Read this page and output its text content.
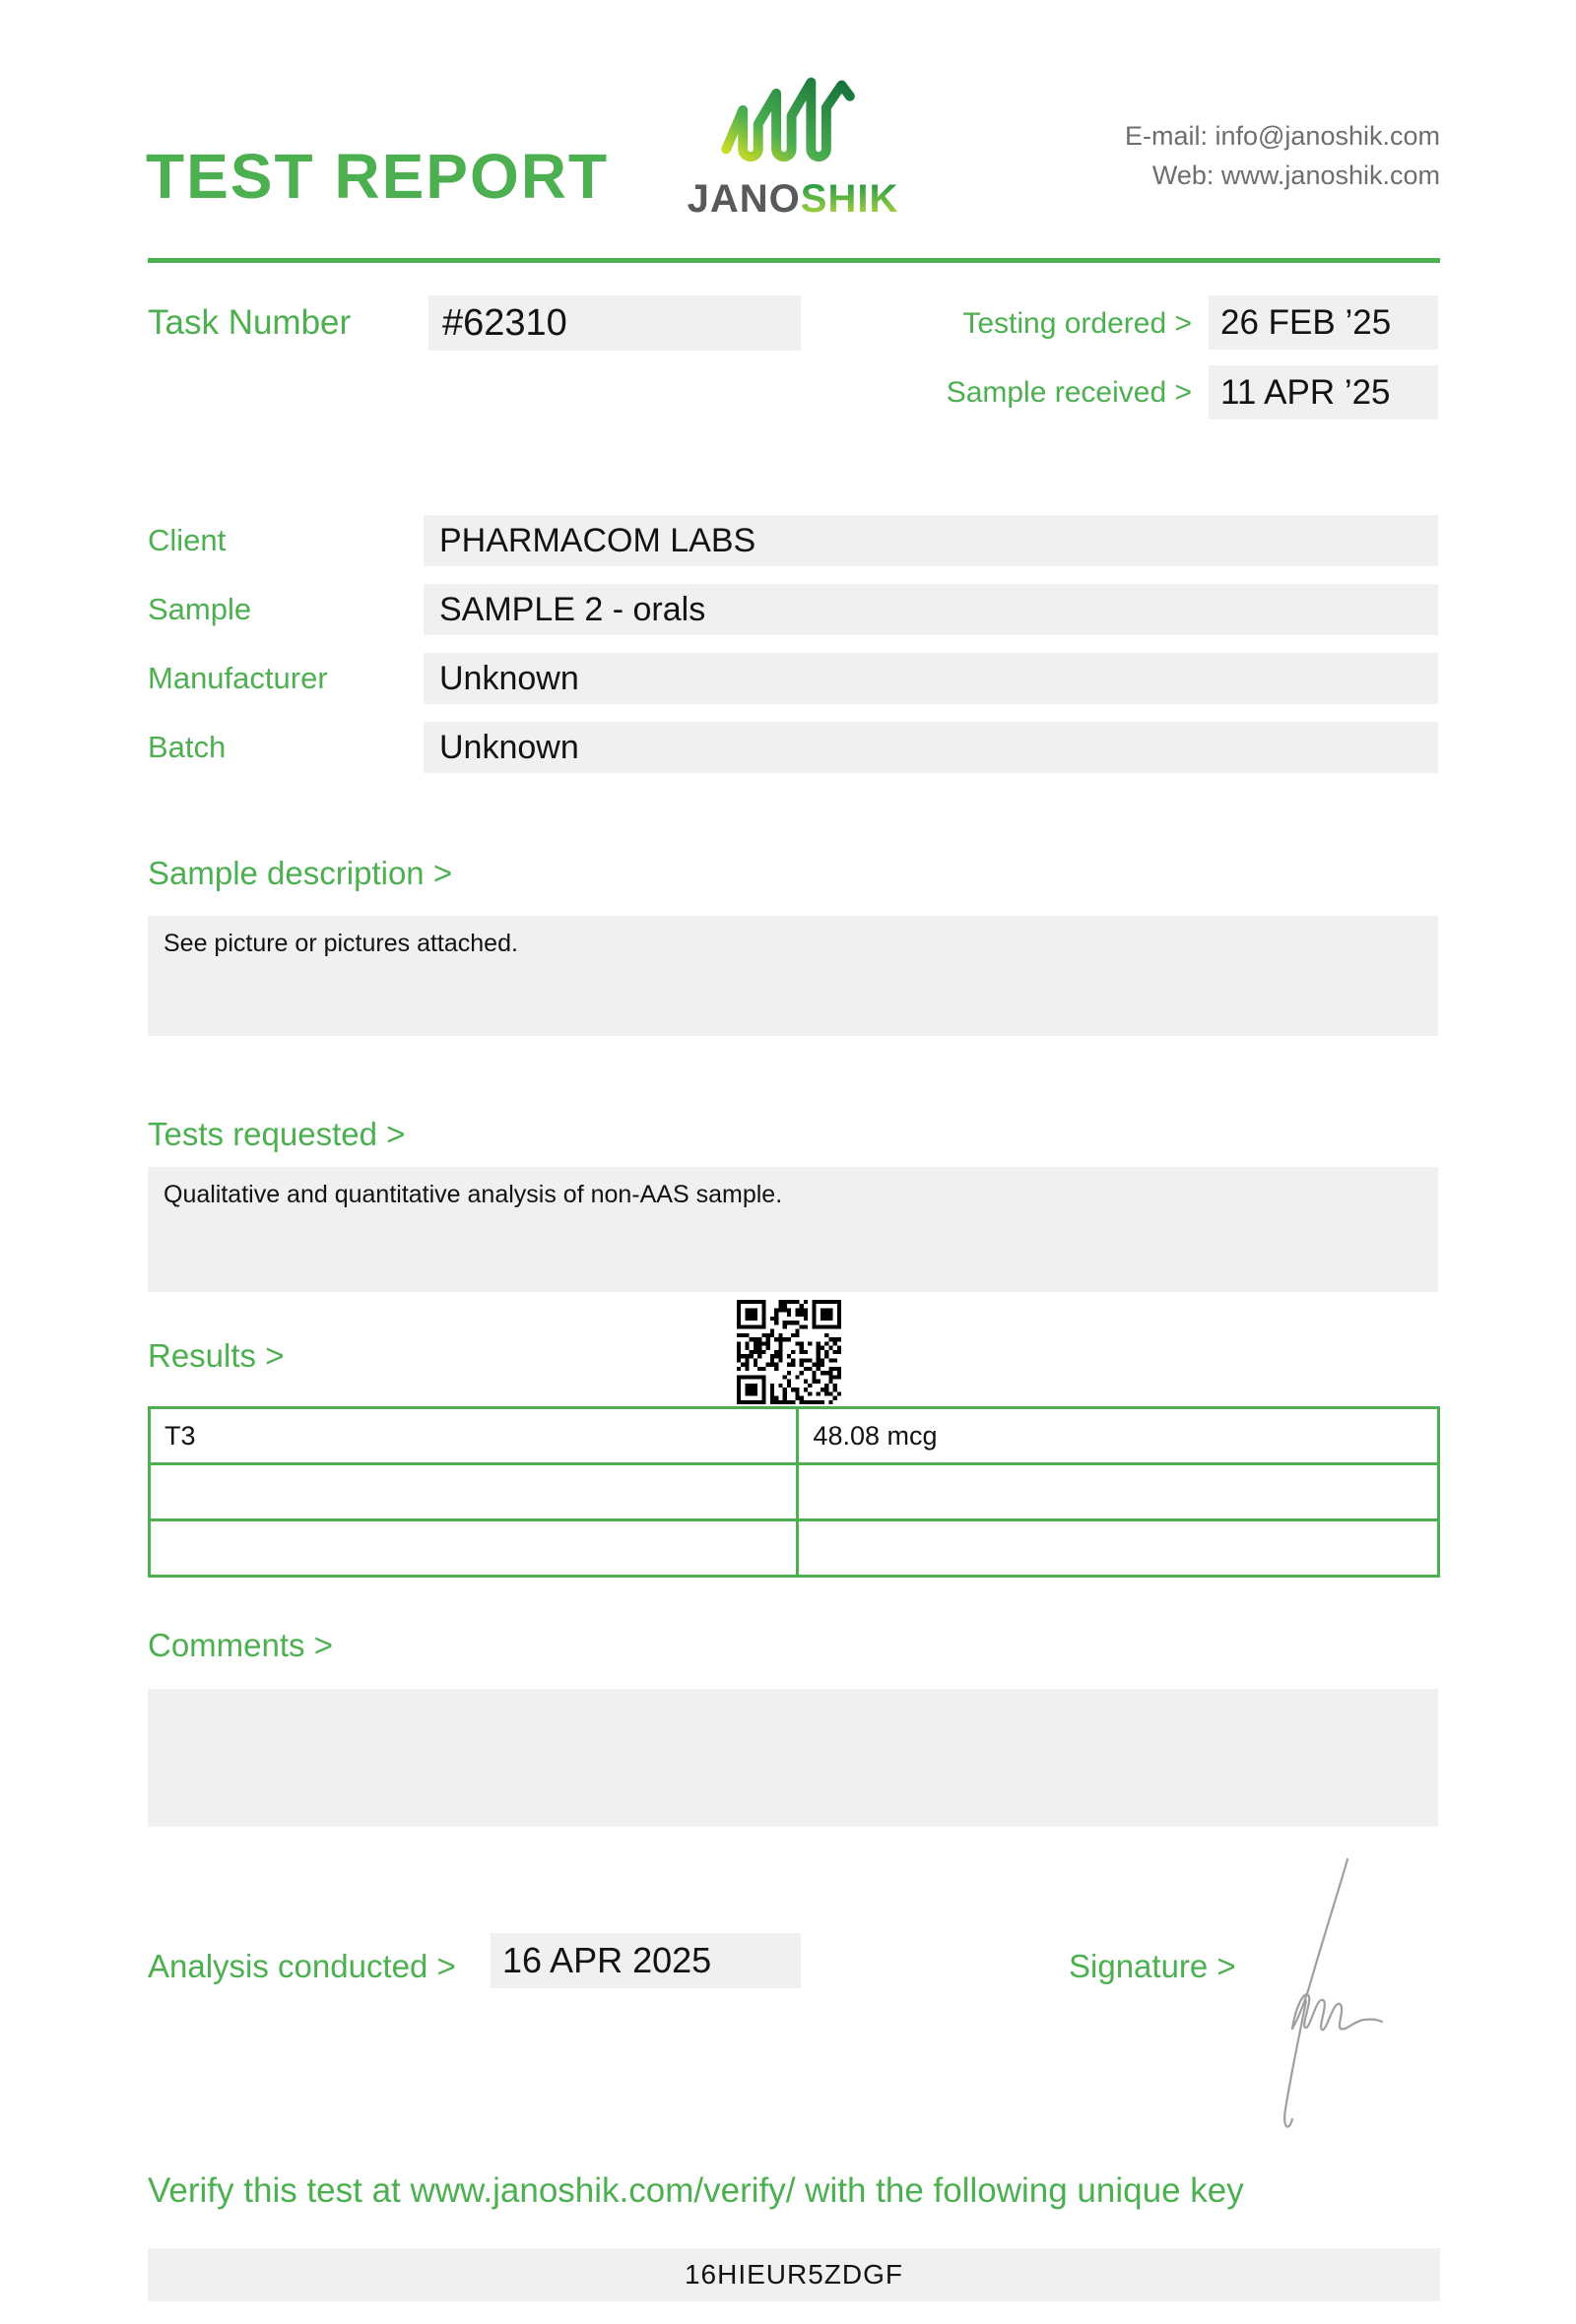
TEST REPORT	JANOSHIK
E-mail: info@janoshik.com
Web: www.janoshik.com
Task Number	#62310	Testing ordered > 26 FEB ’25
Sample received > 11 APR ’25
Client	PHARMACOM LABS
Sample	SAMPLE 2 - orals
Manufacturer	Unknown
Batch	Unknown
Sample description >
See picture or pictures attached.
Tests requested >
Qualitative and quantitative analysis of non-AAS sample.
Results >
T3	48.08 mcg

Comments >
Analysis conducted >	16 APR 2025	Signature >
Verify this test at www.janoshik.com/verify/ with the following unique key
16HIEUR5ZDGF
